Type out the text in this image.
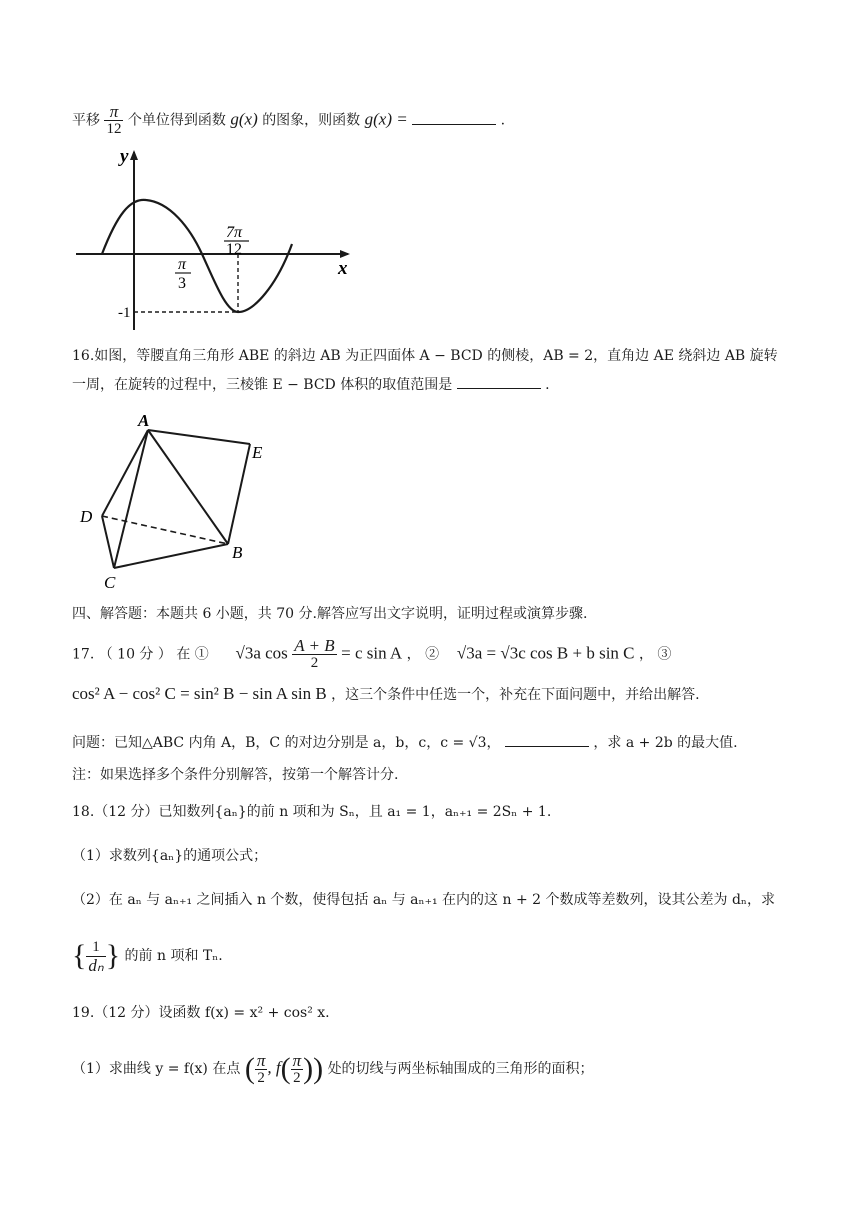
平移 $\frac{\pi}{12}$ 个单位得到函数 g(x) 的图象，则函数 g(x) =	.
y
x
π
3
7π
12
-1
16.如图，等腰直角三角形 ABE 的斜边 AB 为正四面体 A − BCD 的侧棱，AB = 2，直角边 AE 绕斜边 AB 旋转
一周，在旋转的过程中，三棱锥 E − BCD 体积的取值范围是	.
A
E
D
B
C
四、解答题：本题共 6 小题，共 70 分.解答应写出文字说明，证明过程或演算步骤.
17. （ 10 分 ） 在 ① √3a $\cos \frac{A + B}{2} = c$ sin A ， ② √3a = √3c cos B + b sin C ， ③
cos² A − cos² C = sin² B − sin A sin B ，这三个条件中任选一个，补充在下面问题中，并给出解答.
问题：已知△ABC 内角 A，B，C 的对边分别是 a，b，c，c = √3，	，求 a + 2b 的最大值.
注：如果选择多个条件分别解答，按第一个解答计分.
18.（12 分）已知数列{aₙ}的前 n 项和为 Sₙ，且 a₁ = 1，aₙ₊₁ = 2Sₙ + 1.
（1）求数列{aₙ}的通项公式；
（2）在 aₙ 与 aₙ₊₁ 之间插入 n 个数，使得包括 aₙ 与 aₙ₊₁ 在内的这 n + 2 个数成等差数列，设其公差为 dₙ，求
{ $\frac{1}{\text{dₙ}}$ } 的前 n 项和 Tₙ.
19.（12 分）设函数 f(x) = x² + cos² x.
（1）求曲线 y = f(x) 在点 ( $\frac{\pi}{2}$ , $f( \frac{\pi}{2}$ )) 处的切线与两坐标轴围成的三角形的面积；
